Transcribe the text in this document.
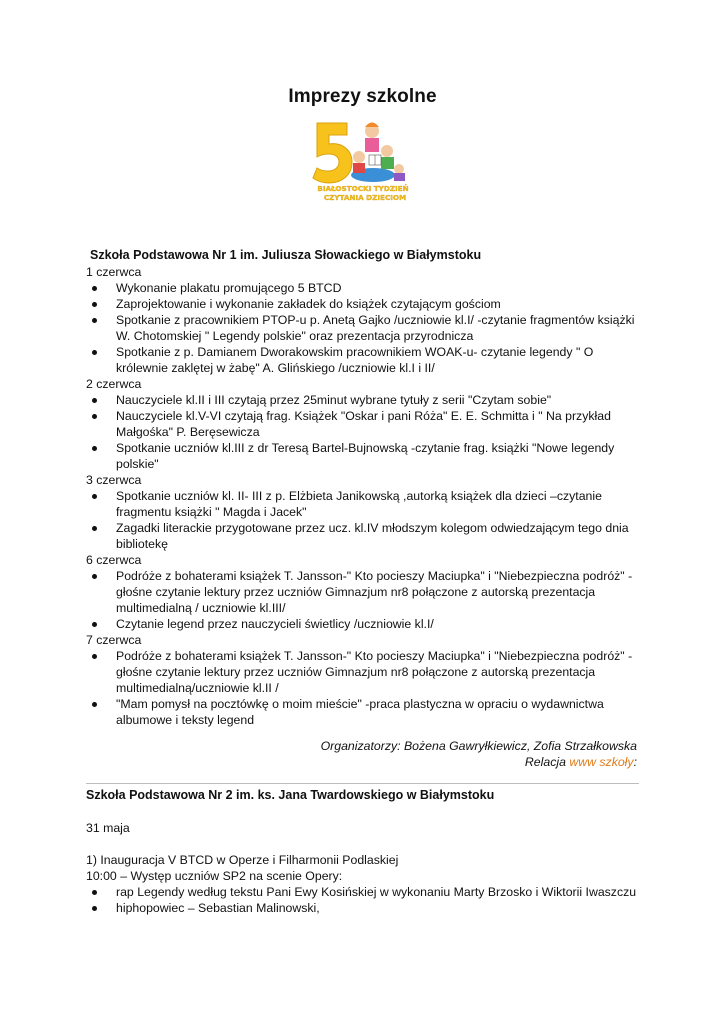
Imprezy szkolne
BIAŁOSTOCKI TYDZIEŃ
CZYTANIA DZIECIOM

Szkoła Podstawowa Nr 1 im. Juliusza Słowackiego w Białymstoku

1 czerwca
Wykonanie plakatu promującego 5 BTCD
Zaprojektowanie i wykonanie zakładek do książek czytającym gościom
Spotkanie z pracownikiem PTOP-u p. Anetą Gajko /uczniowie kl.I/ -czytanie fragmentów książki W. Chotomskiej " Legendy polskie" oraz prezentacja przyrodnicza
Spotkanie z p. Damianem Dworakowskim pracownikiem WOAK-u- czytanie legendy " O królewnie zaklętej w żabę" A. Glińskiego /uczniowie kl.I i II/
2 czerwca
Nauczyciele kl.II i III czytają przez 25minut wybrane tytuły z serii "Czytam sobie"
Nauczyciele kl.V-VI czytają frag. Książek "Oskar i pani Róża" E. E. Schmitta i " Na przykład Małgośka" P. Beręsewicza
Spotkanie uczniów kl.III z dr Teresą Bartel-Bujnowską -czytanie frag. książki "Nowe legendy polskie"
3 czerwca
Spotkanie uczniów kl. II- III z p. Elżbieta Janikowską ,autorką książek dla dzieci –czytanie fragmentu książki " Magda i Jacek"
Zagadki literackie przygotowane przez ucz. kl.IV młodszym kolegom odwiedzającym tego dnia bibliotekę
6 czerwca
Podróże z bohaterami książek T. Jansson-" Kto pocieszy Maciupka" i "Niebezpieczna podróż" - głośne czytanie lektury przez uczniów Gimnazjum nr8 połączone z autorską prezentacja multimedialną / uczniowie kl.III/
Czytanie legend przez nauczycieli świetlicy /uczniowie kl.I/
7 czerwca
Podróże z bohaterami książek T. Jansson-" Kto pocieszy Maciupka" i "Niebezpieczna podróż" - głośne czytanie lektury przez uczniów Gimnazjum nr8 połączone z autorską prezentacja multimedialną/uczniowie kl.II /
"Mam pomysł na pocztówkę o moim mieście" -praca plastyczna w opraciu o wydawnictwa albumowe i teksty legend
Organizatorzy: Bożena Gawryłkiewicz, Zofia Strzałkowska
Relacja www szkoły:

Szkoła Podstawowa Nr 2 im. ks. Jana Twardowskiego w Białymstoku

31 maja
1) Inauguracja V BTCD w Operze i Filharmonii Podlaskiej
10:00 – Występ uczniów SP2 na scenie Opery:
rap Legendy według tekstu Pani Ewy Kosińskiej w wykonaniu Marty Brzosko i Wiktorii Iwaszczu
hiphopowiec – Sebastian Malinowski,
